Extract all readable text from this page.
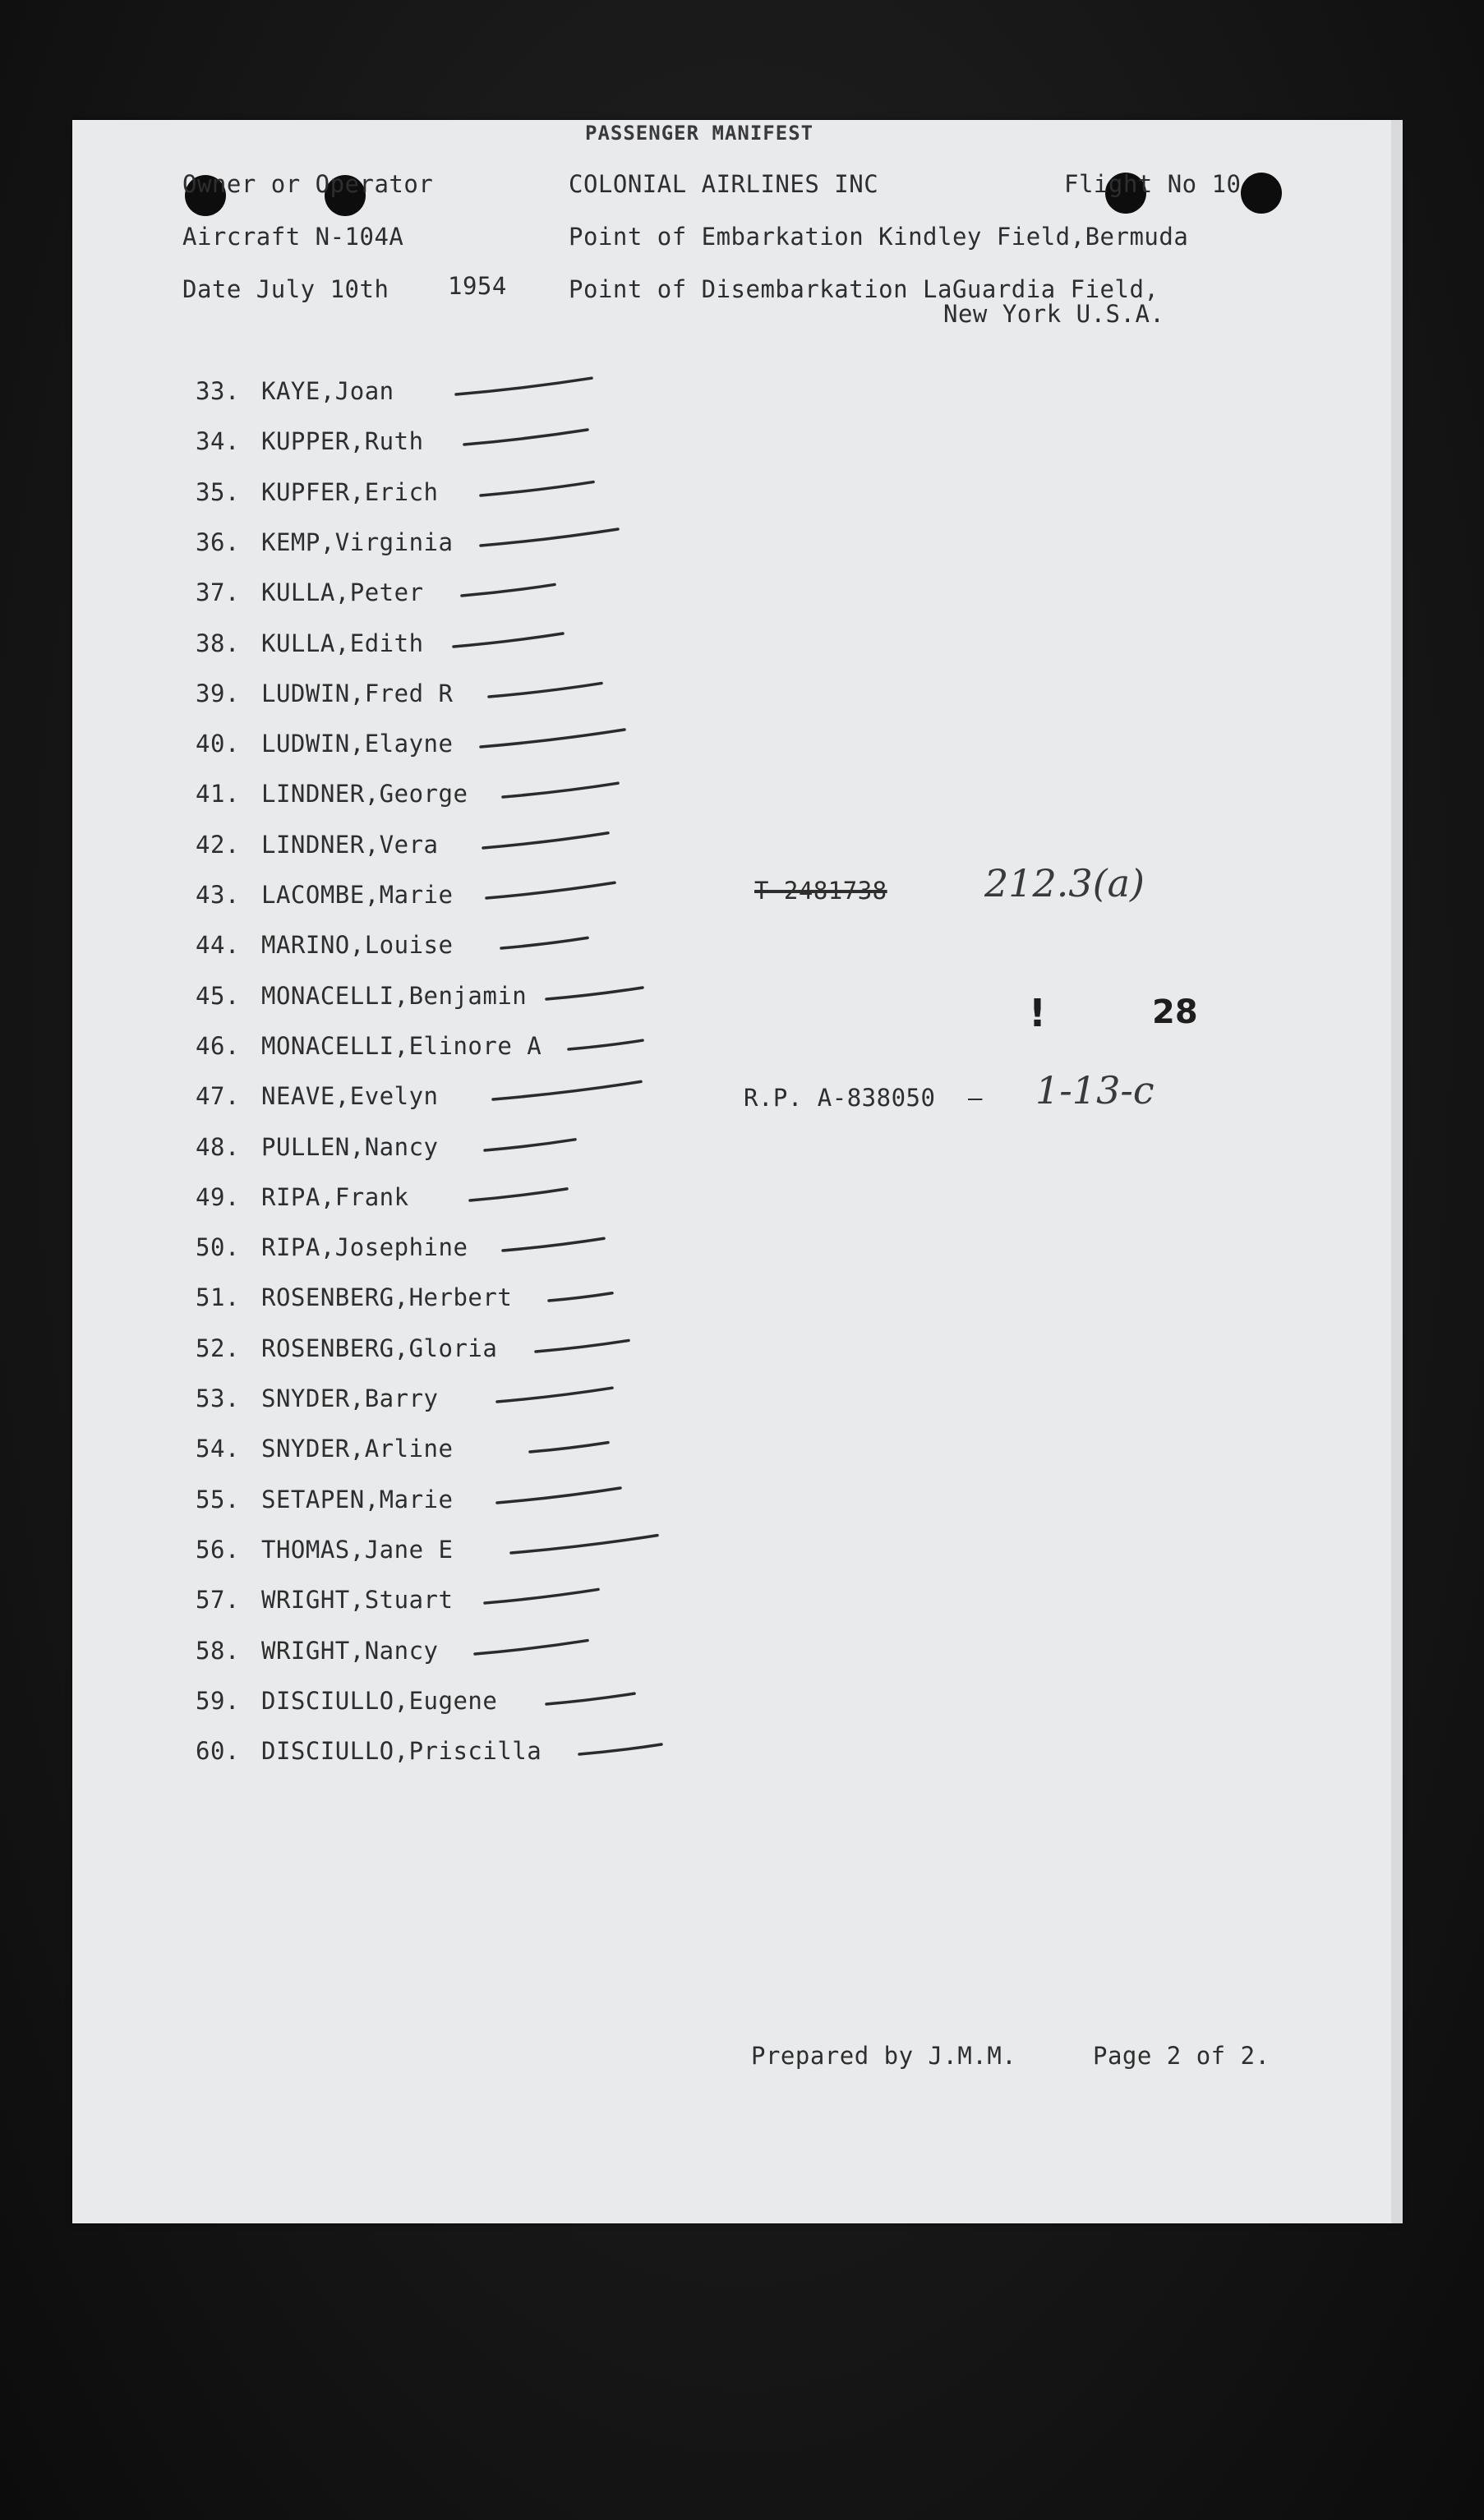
PASSENGER MANIFEST
Owner or Operator	COLONIAL AIRLINES INC	Flight No 10
Aircraft N-104A	Point of Embarkation Kindley Field,Bermuda
Date July 10th 1954	Point of Disembarkation LaGuardia Field,
New York U.S.A.
33. KAYE,Joan
34. KUPPER,Ruth
35. KUPFER,Erich
36. KEMP,Virginia
37. KULLA,Peter
38. KULLA,Edith
39. LUDWIN,Fred R
40. LUDWIN,Elayne
41. LINDNER,George
42. LINDNER,Vera
43. LACOMBE,Marie
44. MARINO,Louise
45. MONACELLI,Benjamin
46. MONACELLI,Elinore A
47. NEAVE,Evelyn
48. PULLEN,Nancy
49. RIPA,Frank
50. RIPA,Josephine
51. ROSENBERG,Herbert
52. ROSENBERG,Gloria
53. SNYDER,Barry
54. SNYDER,Arline
55. SETAPEN,Marie
56. THOMAS,Jane E
57. WRIGHT,Stuart
58. WRIGHT,Nancy
59. DISCIULLO,Eugene
60. DISCIULLO,Priscilla
T-2481738	212.3(a)
!	28
R.P. A-838050 — 1-13-c
Prepared by J.M.M.	Page 2 of 2.
